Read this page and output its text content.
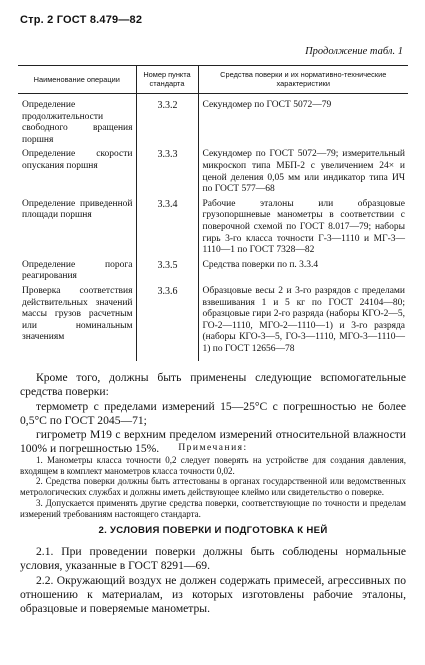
Стр. 2 ГОСТ 8.479—82
Продолжение табл. 1
Наименование операции	Номер пункта стандарта	Средства поверки и их нормативно-технические характеристики
Определение продолжительности свободного вращения поршня	3.3.2	Секундомер по ГОСТ 5072—79
Определение скорости опускания поршня	3.3.3	Секундомер по ГОСТ 5072—79; измерительный микроскоп типа МБП-2 с увеличением 24× и ценой деления 0,05 мм или индикатор типа ИЧ по ГОСТ 577—68
Определение приведенной площади поршня	3.3.4	Рабочие эталоны или образцовые грузопоршневые манометры в соответствии с поверочной схемой по ГОСТ 8.017—79; наборы гирь 3-го класса точности Г-3—1110 и МГ-3—1110—1 по ГОСТ 7328—82
Определение порога реагирования	3.3.5	Средства поверки по п. 3.3.4
Проверка соответствия действительных значений массы грузов расчетным или номинальным значениям	3.3.6	Образцовые весы 2 и 3-го разрядов с пределами взвешивания 1 и 5 кг по ГОСТ 24104—80; образцовые гири 2-го разряда (наборы КГО-2—5, ГО-2—1110, МГО-2—1110—1) и 3-го разряда (наборы КГО-3—5, ГО-3—1110, МГО-3—1110—1) по ГОСТ 12656—78

Кроме того, должны быть применены следующие вспомогательные средства поверки:

термометр с пределами измерений 15—25°С с погрешностью не более 0,5°С по ГОСТ 2045—71;

гигрометр М19 с верхним пределом измерений относительной влажности 100% и погрешностью 15%.	Примечания:

1. Манометры класса точности 0,2 следует поверять на устройстве для создания давления, входящем в комплект манометров класса точности 0,02.

2. Средства поверки должны быть аттестованы в органах государственной или ведомственных метрологических службах и должны иметь действующее клеймо или свидетельство о поверке.

3. Допускается применять другие средства поверки, соответствующие по точности и пределам измерений требованиям настоящего стандарта.

2. УСЛОВИЯ ПОВЕРКИ И ПОДГОТОВКА К НЕЙ

2.1. При проведении поверки должны быть соблюдены нормальные условия, указанные в ГОСТ 8291—69.

2.2. Окружающий воздух не должен содержать примесей, агрессивных по отношению к материалам, из которых изготовлены рабочие эталоны, образцовые и поверяемые манометры.
